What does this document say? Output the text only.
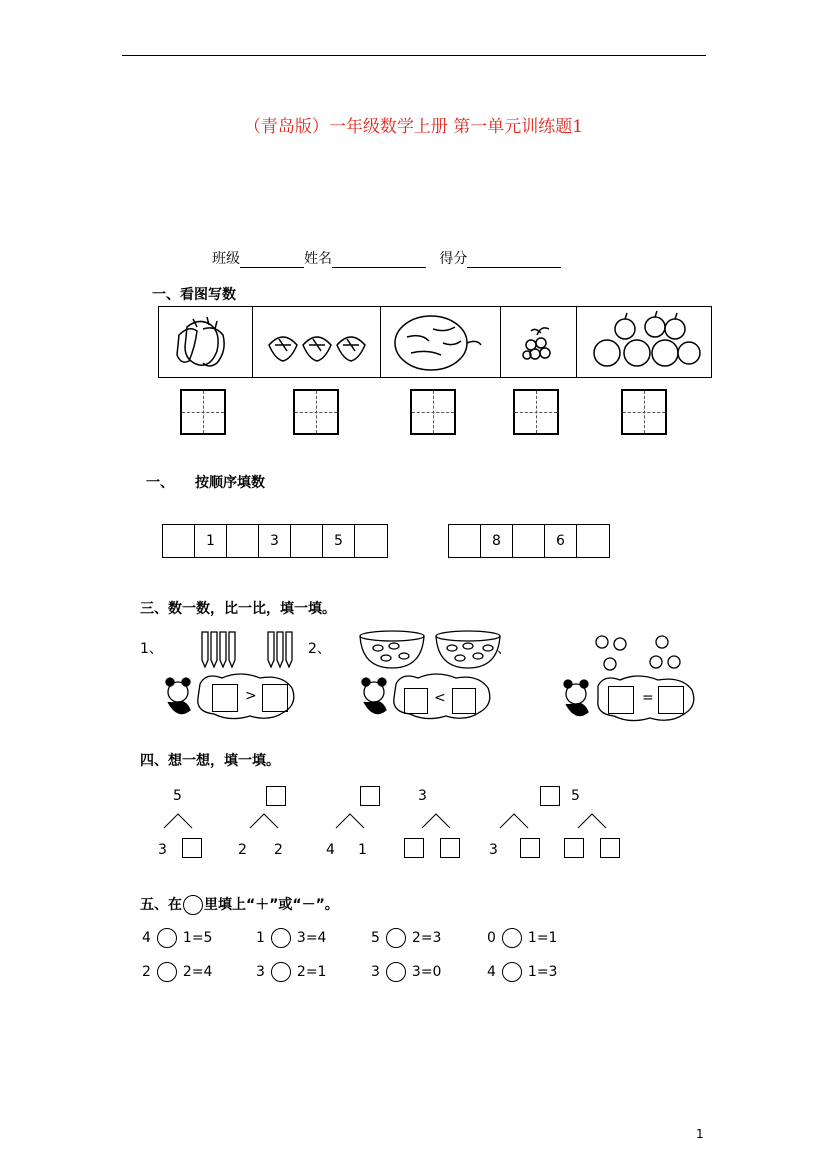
（青岛版）一年级数学上册 第一单元训练题1
班级	姓名	得分
一、看图写数
一、 按顺序填数
1	3	5	8	6
三、数一数，比一比，填一填。
1、	2、	、
>	<	=
四、想一想，填一填。
5
3	2 2	4 1
3
3
5
五、在 里填上“＋”或“－”。
4 1=5	1 3=4	5 2=3	0 1=1
2 2=4	3 2=1	3 3=0	4 1=3
1
